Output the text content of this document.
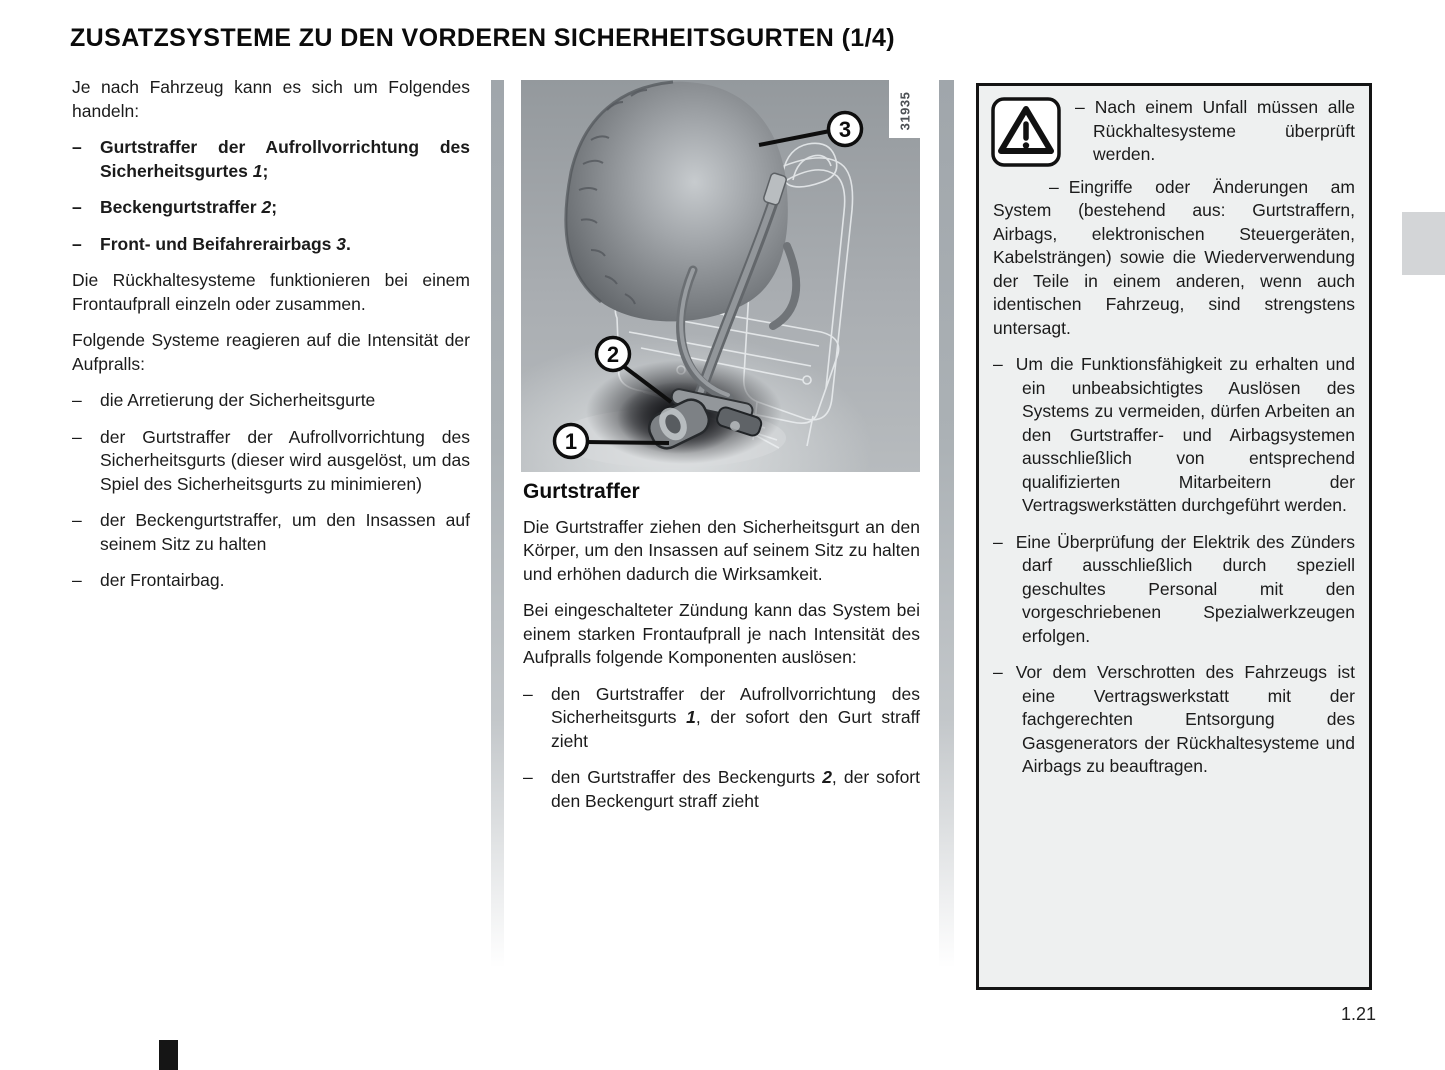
ZUSATZSYSTEME ZU DEN VORDEREN SICHERHEITSGURTEN (1/4)

Je nach Fahrzeug kann es sich um Folgendes handeln:

–	Gurtstraffer der Aufrollvorrichtung des Sicherheitsgurtes 1;
–	Beckengurtstraffer 2;
–	Front- und Beifahrerairbags 3.

Die Rückhaltesysteme funktionieren bei einem Frontaufprall einzeln oder zusammen.

Folgende Systeme reagieren auf die Intensität der Aufpralls:

–	die Arretierung der Sicherheitsgurte
–	der Gurtstraffer der Aufrollvorrichtung des Sicherheitsgurts (dieser wird ausgelöst, um das Spiel des Sicherheitsgurts zu minimieren)
–	der Beckengurtstraffer, um den Insassen auf seinem Sitz zu halten
–	der Frontairbag.
31935
3
2
1
Gurtstraffer

Die Gurtstraffer ziehen den Sicherheitsgurt an den Körper, um den Insassen auf seinem Sitz zu halten und erhöhen dadurch die Wirksamkeit.

Bei eingeschalteter Zündung kann das System bei einem starken Frontaufprall je nach Intensität des Aufpralls folgende Komponenten auslösen:

–	den Gurtstraffer der Aufrollvorrichtung des Sicherheitsgurts 1, der sofort den Gurt straff zieht
–	den Gurtstraffer des Beckengurts 2, der sofort den Beckengurt straff zieht
– Nach einem Unfall müssen alle Rückhaltesysteme überprüft werden.
– Eingriffe oder Änderungen am System (bestehend aus: Gurtstraffern, Airbags, elektronischen Steuergeräten, Kabelsträngen) sowie die Wiederverwendung der Teile in einem anderen, wenn auch identischen Fahrzeug, sind strengstens untersagt.
– Um die Funktionsfähigkeit zu erhalten und ein unbeabsichtigtes Auslösen des Systems zu vermeiden, dürfen Arbeiten an den Gurtstraffer- und Airbagsystemen ausschließlich von entsprechend qualifizierten Mitarbeitern der Vertragswerkstätten durchgeführt werden.
– Eine Überprüfung der Elektrik des Zünders darf ausschließlich durch speziell geschultes Personal mit den vorgeschriebenen Spezialwerkzeugen erfolgen.
– Vor dem Verschrotten des Fahrzeugs ist eine Vertragswerkstatt mit der fachgerechten Entsorgung des Gasgenerators der Rückhaltesysteme und Airbags zu beauftragen.
1.21
